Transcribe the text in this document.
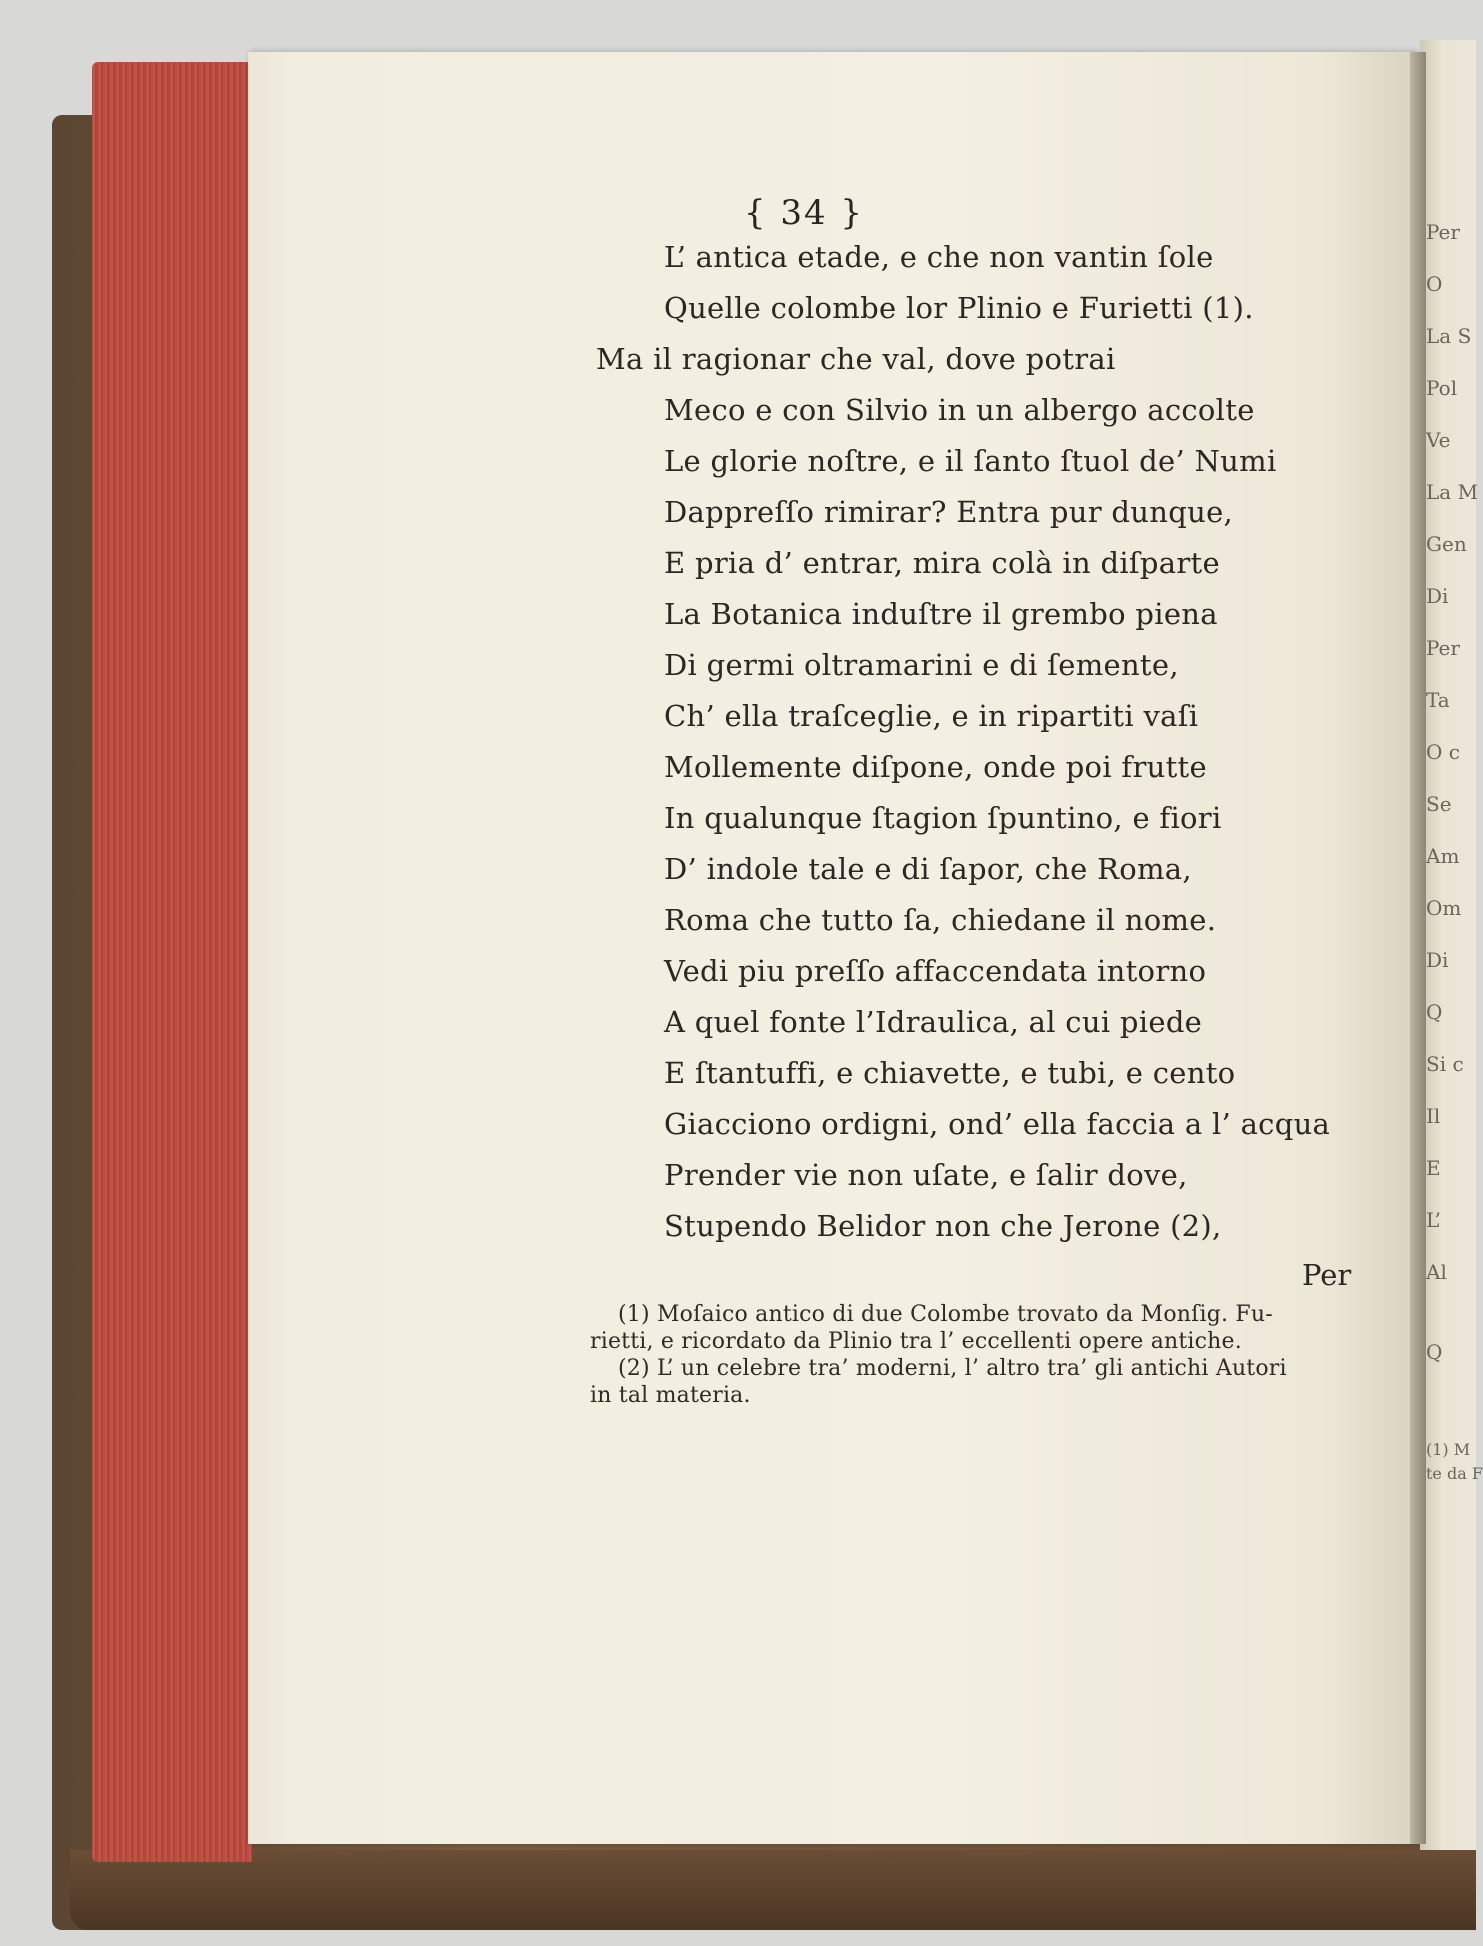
Per
O
La S
Pol
Ve
La M
Gen
Di
Per
Ta
O c
Se
Am
Om
Di
Q
Si c
Il
E
L’
Al
Q
(1) M
te da F
{ 34 }
L’ antica etade, e che non vantin ſole
Quelle colombe lor Plinio e Furietti (1).
Ma il ragionar che val, dove potrai
Meco e con Silvio in un albergo accolte
Le glorie noſtre, e il ſanto ſtuol de’ Numi
Dappreſſo rimirar? Entra pur dunque,
E pria d’ entrar, mira colà in diſparte
La Botanica induſtre il grembo piena
Di germi oltramarini e di ſemente,
Ch’ ella traſceglie, e in ripartiti vaſi
Mollemente diſpone, onde poi frutte
In qualunque ſtagion ſpuntino, e fiori
D’ indole tale e di ſapor, che Roma,
Roma che tutto ſa, chiedane il nome.
Vedi piu preſſo affaccendata intorno
A quel fonte l’Idraulica, al cui piede
E ſtantuffi, e chiavette, e tubi, e cento
Giacciono ordigni, ond’ ella faccia a l’ acqua
Prender vie non uſate, e ſalir dove,
Stupendo Belidor non che Jerone (2),
Per
(1) Moſaico antico di due Colombe trovato da Monſig. Fu-
rietti, e ricordato da Plinio tra l’ eccellenti opere antiche.
(2) L’ un celebre tra’ moderni, l’ altro tra’ gli antichi Autori
in tal materia.
